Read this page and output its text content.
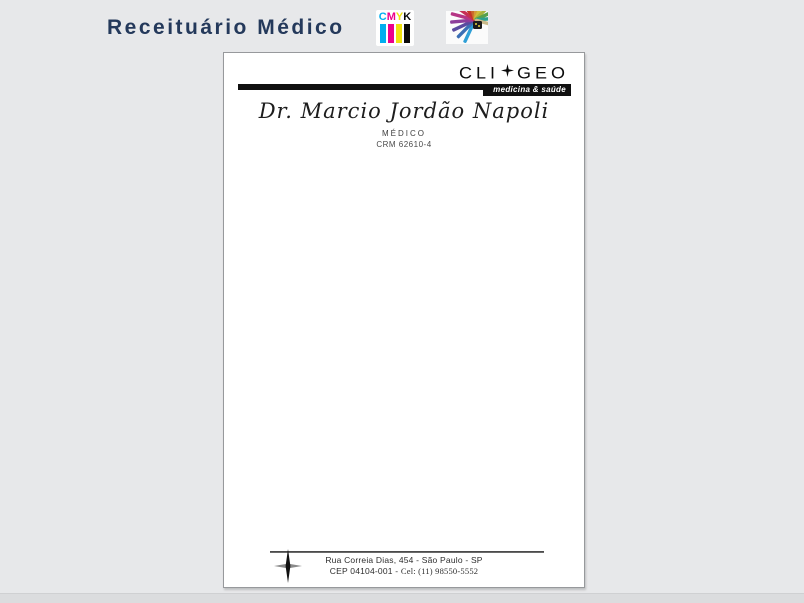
Receituário Médico	C M Y K
CLI GEO
medicina & saúde
Dr. Marcio Jordão Napoli
MÉDICO
CRM 62610-4
Rua Correia Dias, 454 - São Paulo - SP
CEP 04104-001 - Cel: (11) 98550-5552
